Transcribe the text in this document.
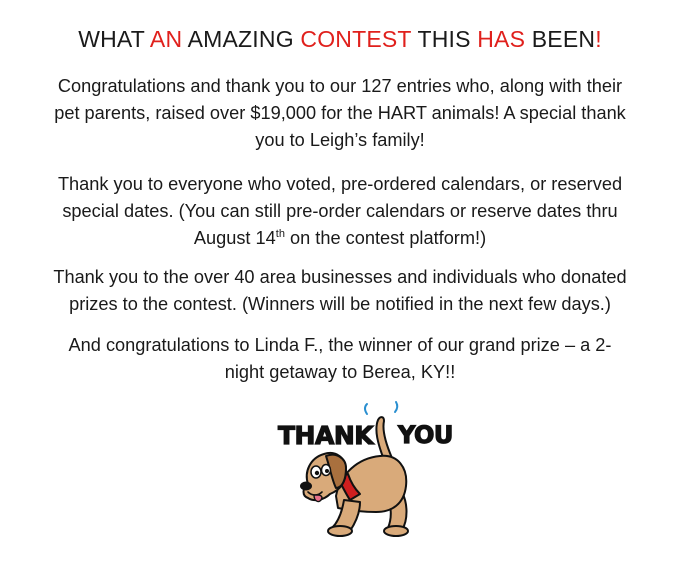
WHAT AN AMAZING CONTEST THIS HAS BEEN!
Congratulations and thank you to our 127 entries who, along with their
pet parents, raised over $19,000 for the HART animals! A special thank
you to Leigh’s family!
Thank you to everyone who voted, pre-ordered calendars, or reserved
special dates. (You can still pre-order calendars or reserve dates thru
August 14th on the contest platform!)
Thank you to the over 40 area businesses and individuals who donated
prizes to the contest. (Winners will be notified in the next few days.)
And congratulations to Linda F., the winner of our grand prize – a 2-
night getaway to Berea, KY!!
THANK YOU
